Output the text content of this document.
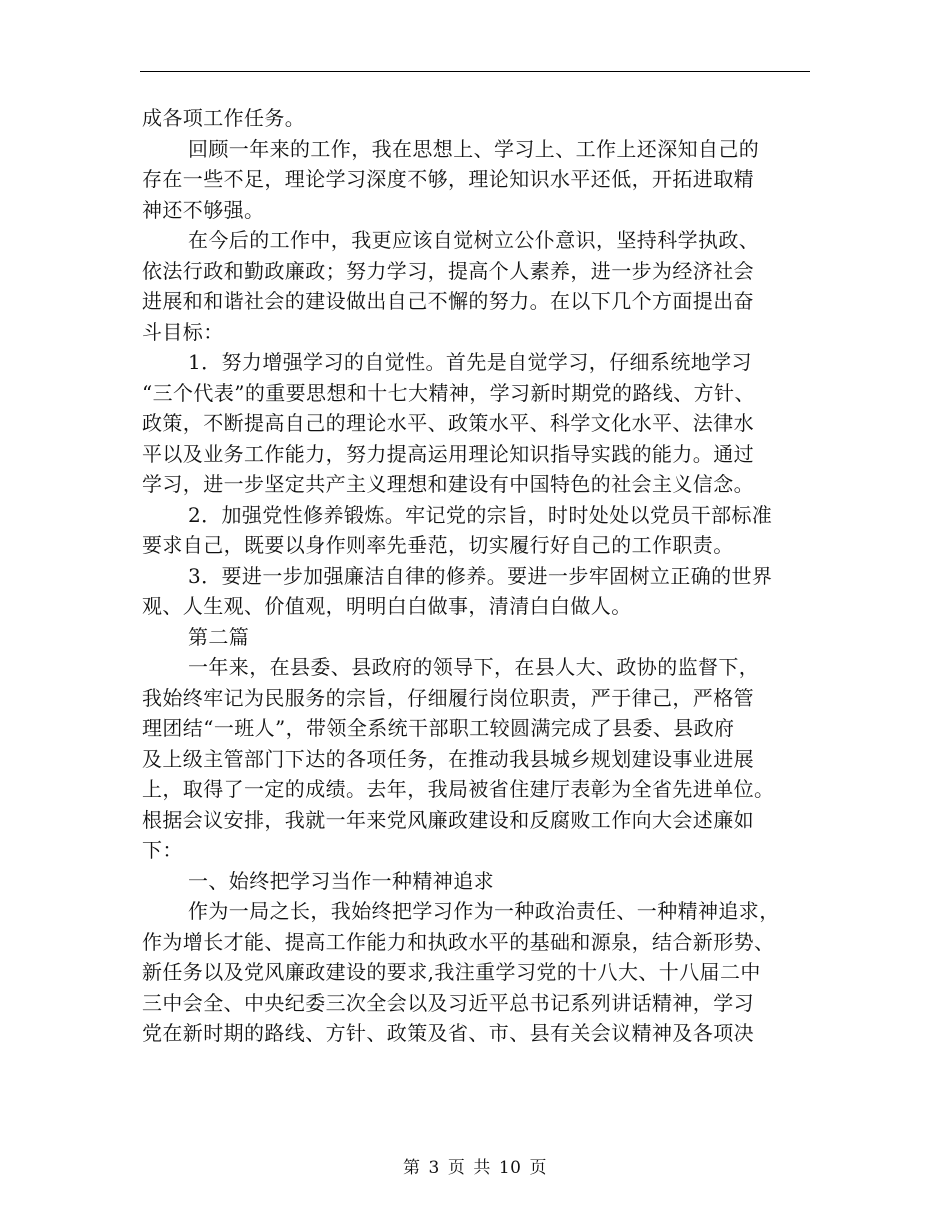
成各项工作任务。
回顾一年来的工作，我在思想上、学习上、工作上还深知自己的
存在一些不足，理论学习深度不够，理论知识水平还低，开拓进取精
神还不够强。
在今后的工作中，我更应该自觉树立公仆意识，坚持科学执政、
依法行政和勤政廉政；努力学习，提高个人素养，进一步为经济社会
进展和和谐社会的建设做出自己不懈的努力。在以下几个方面提出奋
斗目标：
1．努力增强学习的自觉性。首先是自觉学习，仔细系统地学习
“三个代表”的重要思想和十七大精神，学习新时期党的路线、方针、
政策，不断提高自己的理论水平、政策水平、科学文化水平、法律水
平以及业务工作能力，努力提高运用理论知识指导实践的能力。通过
学习，进一步坚定共产主义理想和建设有中国特色的社会主义信念。
2．加强党性修养锻炼。牢记党的宗旨，时时处处以党员干部标准
要求自己，既要以身作则率先垂范，切实履行好自己的工作职责。
3．要进一步加强廉洁自律的修养。要进一步牢固树立正确的世界
观、人生观、价值观，明明白白做事，清清白白做人。
第二篇
一年来，在县委、县政府的领导下，在县人大、政协的监督下，
我始终牢记为民服务的宗旨，仔细履行岗位职责，严于律己，严格管
理团结“一班人”，带领全系统干部职工较圆满完成了县委、县政府
及上级主管部门下达的各项任务，在推动我县城乡规划建设事业进展
上，取得了一定的成绩。去年，我局被省住建厅表彰为全省先进单位。
根据会议安排，我就一年来党风廉政建设和反腐败工作向大会述廉如
下：
一、始终把学习当作一种精神追求
作为一局之长，我始终把学习作为一种政治责任、一种精神追求，
作为增长才能、提高工作能力和执政水平的基础和源泉，结合新形势、
新任务以及党风廉政建设的要求,我注重学习党的十八大、十八届二中
三中会全、中央纪委三次全会以及习近平总书记系列讲话精神，学习
党在新时期的路线、方针、政策及省、市、县有关会议精神及各项决
第 3 页 共 10 页
